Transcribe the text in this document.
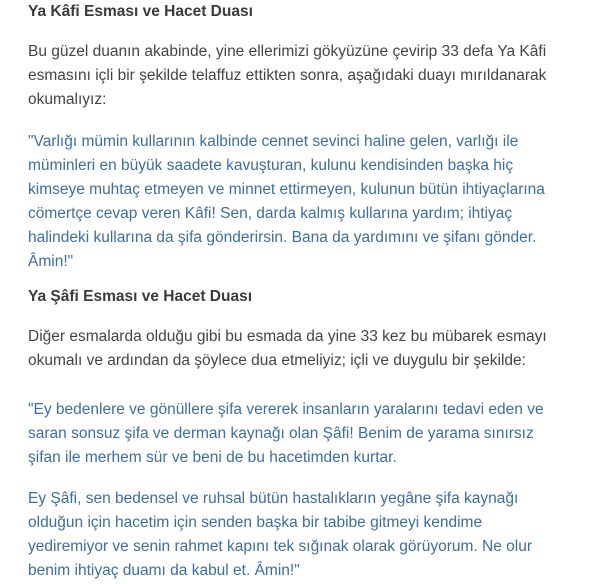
Ya Kâfi Esması ve Hacet Duası

Bu güzel duanın akabinde, yine ellerimizi gökyüzüne çevirip 33 defa Ya Kâfi
esmasını içli bir şekilde telaffuz ettikten sonra, aşağıdaki duayı mırıldanarak
okumalıyız:

"Varlığı mümin kullarının kalbinde cennet sevinci haline gelen, varlığı ile
müminleri en büyük saadete kavuşturan, kulunu kendisinden başka hiç
kimseye muhtaç etmeyen ve minnet ettirmeyen, kulunun bütün ihtiyaçlarına
cömertçe cevap veren Kâfi! Sen, darda kalmış kullarına yardım; ihtiyaç
halindeki kullarına da şifa gönderirsin. Bana da yardımını ve şifanı gönder.
Âmin!"

Ya Şâfi Esması ve Hacet Duası

Diğer esmalarda olduğu gibi bu esmada da yine 33 kez bu mübarek esmayı
okumalı ve ardından da şöylece dua etmeliyiz; içli ve duygulu bir şekilde:

"Ey bedenlere ve gönüllere şifa vererek insanların yaralarını tedavi eden ve
saran sonsuz şifa ve derman kaynağı olan Şâfi! Benim de yarama sınırsız
şifan ile merhem sür ve beni de bu hacetimden kurtar.

Ey Şâfi, sen bedensel ve ruhsal bütün hastalıkların yegâne şifa kaynağı
olduğun için hacetim için senden başka bir tabibe gitmeyi kendime
yediremiyor ve senin rahmet kapını tek sığınak olarak görüyorum. Ne olur
benim ihtiyaç duamı da kabul et. Âmin!"
